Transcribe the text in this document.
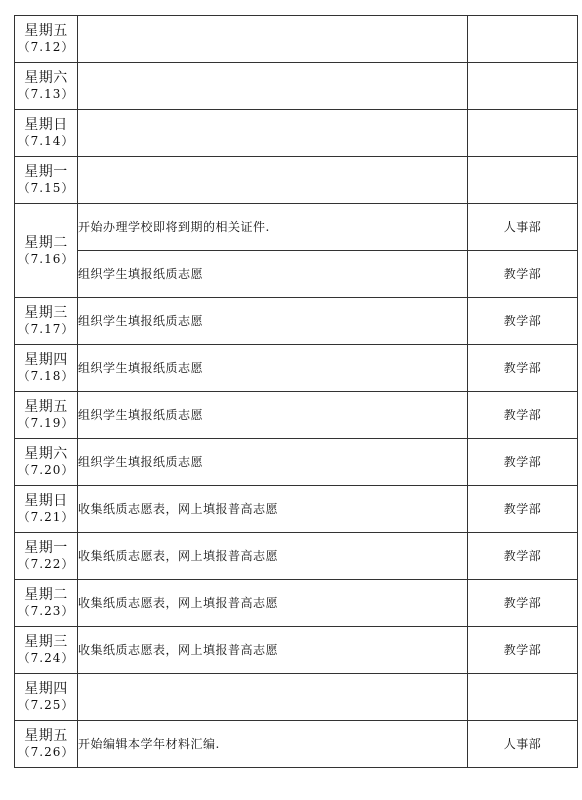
星期五
（7.12）		

星期六
（7.13）		

星期日
（7.14）		

星期一
（7.15）		

星期二
（7.16）	开始办理学校即将到期的相关证件.	人事部
	组织学生填报纸质志愿	教学部

星期三
（7.17）	组织学生填报纸质志愿	教学部

星期四
（7.18）	组织学生填报纸质志愿	教学部

星期五
（7.19）	组织学生填报纸质志愿	教学部

星期六
（7.20）	组织学生填报纸质志愿	教学部

星期日
（7.21）	收集纸质志愿表，网上填报普高志愿	教学部

星期一
（7.22）	收集纸质志愿表，网上填报普高志愿	教学部

星期二
（7.23）	收集纸质志愿表，网上填报普高志愿	教学部

星期三
（7.24）	收集纸质志愿表，网上填报普高志愿	教学部

星期四
（7.25）		

星期五
（7.26）	开始编辑本学年材料汇编.	人事部
